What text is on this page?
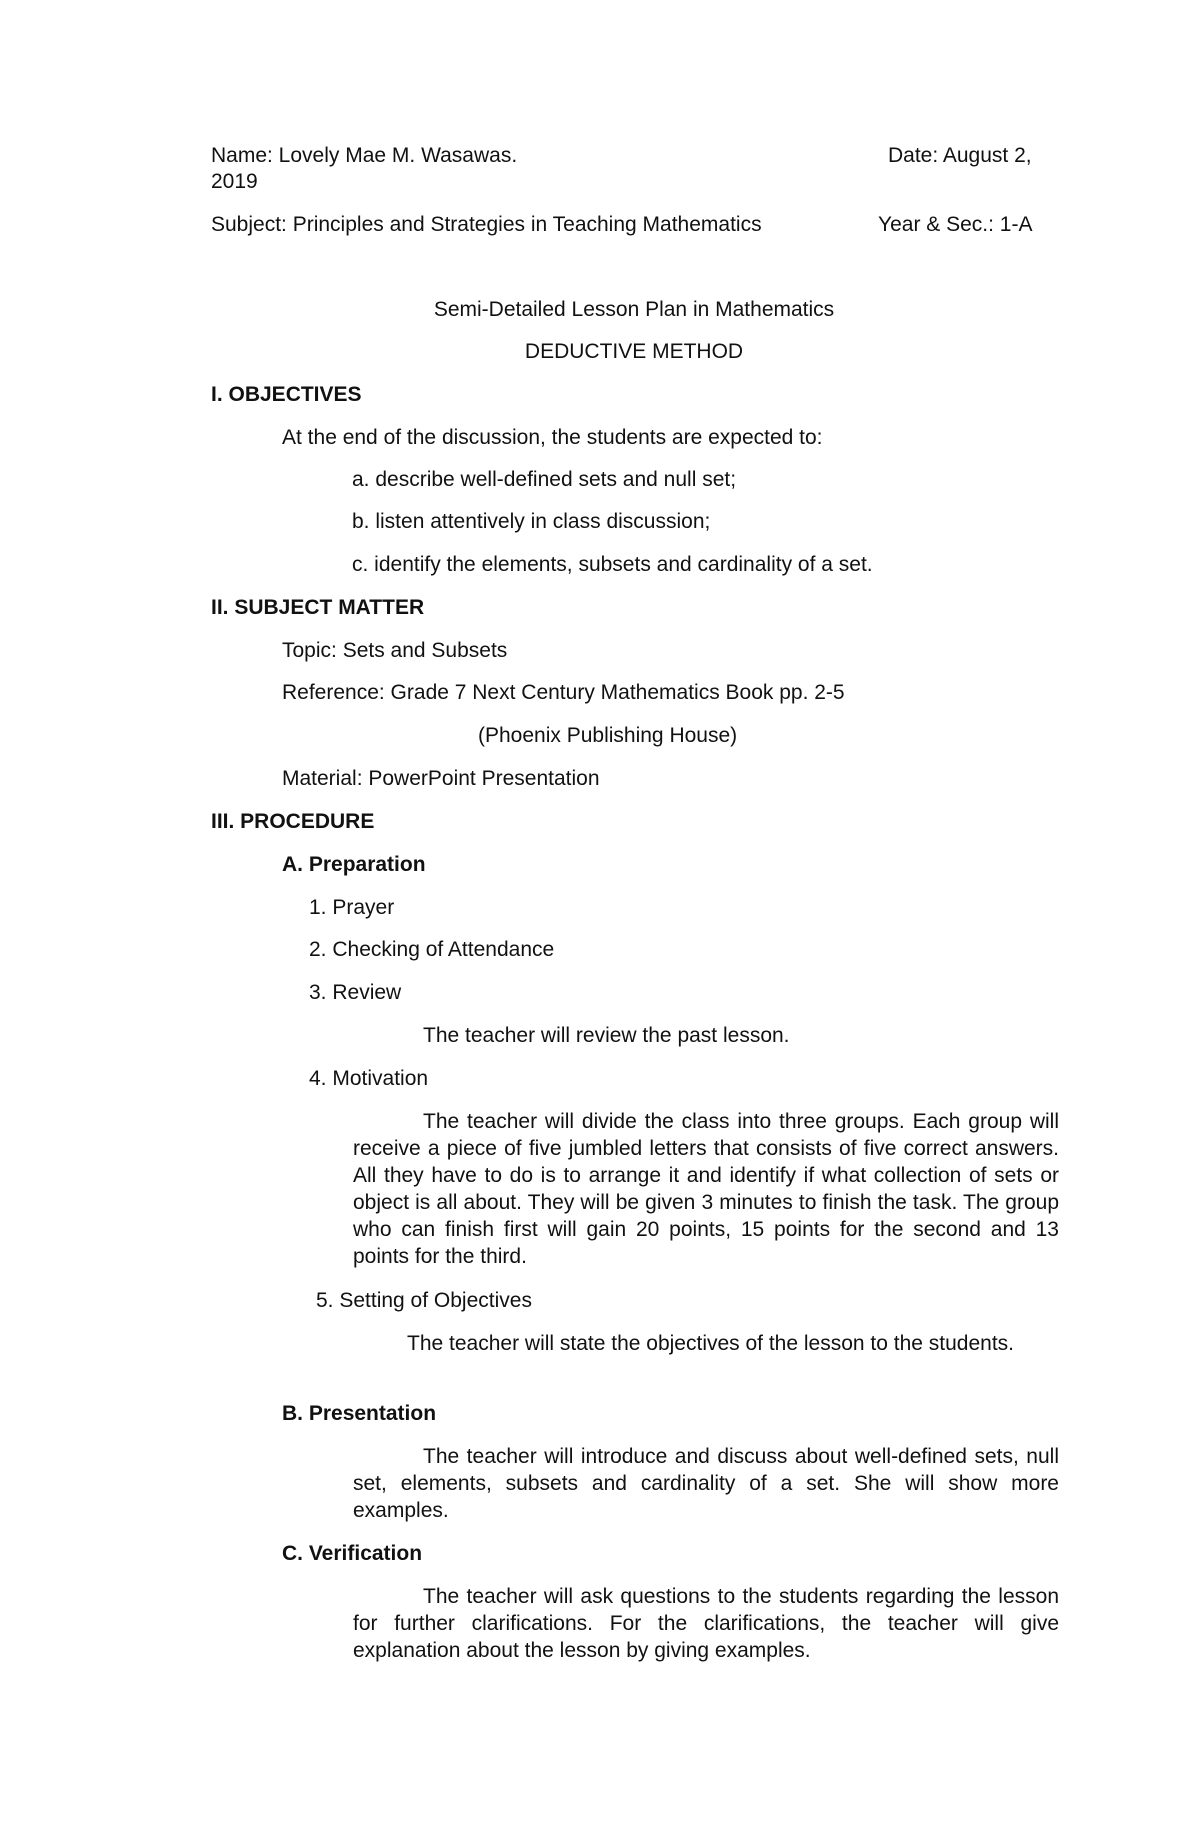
Name: Lovely Mae M. Wasawas.	Date: August 2,
2019
Subject: Principles and Strategies in Teaching Mathematics	Year & Sec.: 1-A
Semi-Detailed Lesson Plan in Mathematics
DEDUCTIVE METHOD
I. OBJECTIVES
At the end of the discussion, the students are expected to:
a. describe well-defined sets and null set;
b. listen attentively in class discussion;
c. identify the elements, subsets and cardinality of a set.
II. SUBJECT MATTER
Topic: Sets and Subsets
Reference: Grade 7 Next Century Mathematics Book pp. 2-5
(Phoenix Publishing House)
Material: PowerPoint Presentation
III. PROCEDURE
A. Preparation
1. Prayer
2. Checking of Attendance
3. Review
The teacher will review the past lesson.
4. Motivation
The teacher will divide the class into three groups. Each group will receive a piece of five jumbled letters that consists of five correct answers. All they have to do is to arrange it and identify if what collection of sets or object is all about. They will be given 3 minutes to finish the task. The group who can finish first will gain 20 points, 15 points for the second and 13 points for the third.
5. Setting of Objectives
The teacher will state the objectives of the lesson to the students.
B. Presentation
The teacher will introduce and discuss about well-defined sets, null set, elements, subsets and cardinality of a set. She will show more examples.
C. Verification
The teacher will ask questions to the students regarding the lesson for further clarifications. For the clarifications, the teacher will give explanation about the lesson by giving examples.
